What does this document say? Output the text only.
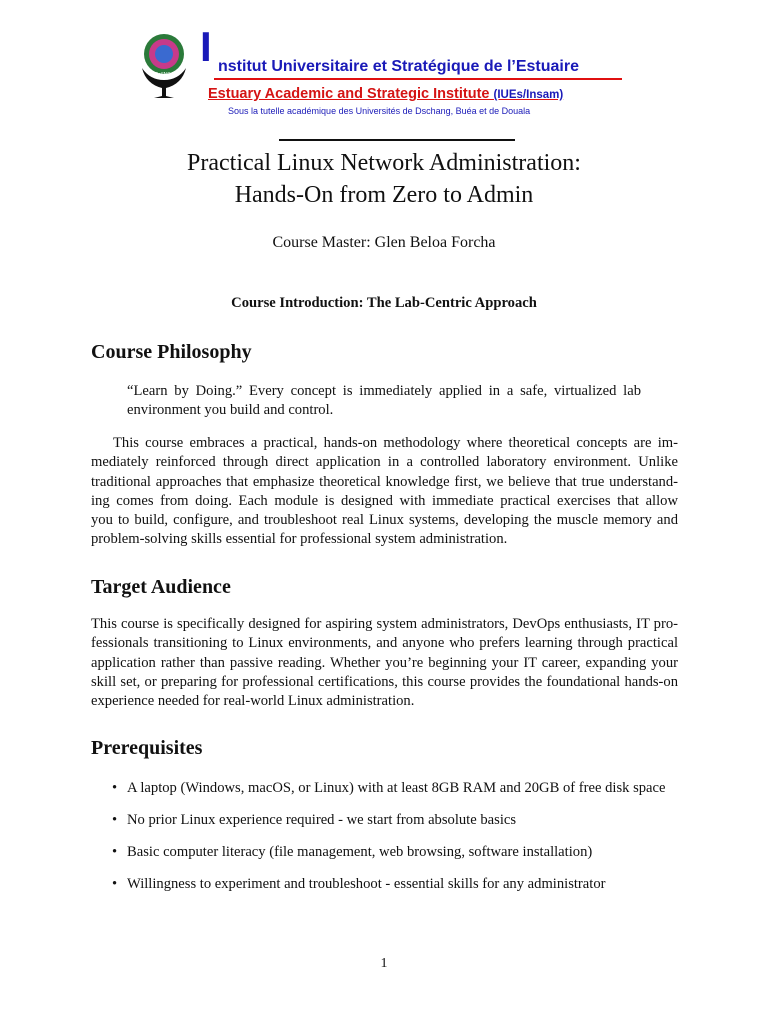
IUEs/INSAM
I nstitut Universitaire et Stratégique de l’Estuaire
Estuary Academic and Strategic Institute (IUEs/Insam)
Sous la tutelle académique des Universités de Dschang, Buéa et de Douala
Practical Linux Network Administration:
Hands-On from Zero to Admin
Course Master: Glen Beloa Forcha
Course Introduction: The Lab-Centric Approach
Course Philosophy
“Learn by Doing.” Every concept is immediately applied in a safe, virtualized lab
environment you build and control.
This course embraces a practical, hands-on methodology where theoretical concepts are im-
mediately reinforced through direct application in a controlled laboratory environment. Unlike
traditional approaches that emphasize theoretical knowledge first, we believe that true understand-
ing comes from doing. Each module is designed with immediate practical exercises that allow
you to build, configure, and troubleshoot real Linux systems, developing the muscle memory and
problem-solving skills essential for professional system administration.
Target Audience
This course is specifically designed for aspiring system administrators, DevOps enthusiasts, IT pro-
fessionals transitioning to Linux environments, and anyone who prefers learning through practical
application rather than passive reading. Whether you’re beginning your IT career, expanding your
skill set, or preparing for professional certifications, this course provides the foundational hands-on
experience needed for real-world Linux administration.
Prerequisites
• A laptop (Windows, macOS, or Linux) with at least 8GB RAM and 20GB of free disk space
• No prior Linux experience required - we start from absolute basics
• Basic computer literacy (file management, web browsing, software installation)
• Willingness to experiment and troubleshoot - essential skills for any administrator
1
